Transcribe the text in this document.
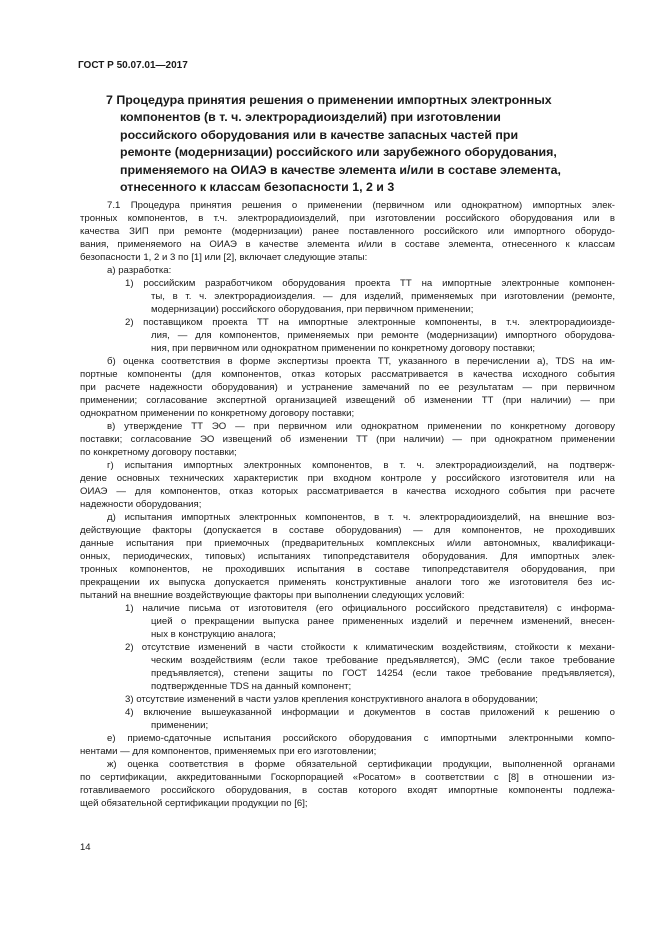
ГОСТ Р 50.07.01—2017
7 Процедура принятия решения о применении импортных электронных
компонентов (в т. ч. электрорадиоизделий) при изготовлении
российского оборудования или в качестве запасных частей при
ремонте (модернизации) российского или зарубежного оборудования,
применяемого на ОИАЭ в качестве элемента и/или в составе элемента,
отнесенного к классам безопасности 1, 2 и 3
7.1 Процедура принятия решения о применении (первичном или однократном) импортных элек-
тронных компонентов, в т.ч. электрорадиоизделий, при изготовлении российского оборудования или в
качества ЗИП при ремонте (модернизации) ранее поставленного российского или импортного оборудо-
вания, применяемого на ОИАЭ в качестве элемента и/или в составе элемента, отнесенного к классам
безопасности 1, 2 и 3 по [1] или [2], включает следующие этапы:
а) разработка:
1) российским разработчиком оборудования проекта ТТ на импортные электронные компонен-
ты, в т. ч. электрорадиоизделия. — для изделий, применяемых при изготовлении (ремонте,
модернизации) российского оборудования, при первичном применении;
2) поставщиком проекта ТТ на импортные электронные компоненты, в т.ч. электрорадиоизде-
лия, — для компонентов, применяемых при ремонте (модернизации) импортного оборудова-
ния, при первичном или однократном применении по конкретному договору поставки;
б) оценка соответствия в форме экспертизы проекта ТТ, указанного в перечислении а), TDS на им-
портные компоненты (для компонентов, отказ которых рассматривается в качества исходного события
при расчете надежности оборудования) и устранение замечаний по ее результатам — при первичном
применении; согласование экспертной организацией извещений об изменении ТТ (при наличии) — при
однократном применении по конкретному договору поставки;
в) утверждение ТТ ЭО — при первичном или однократном применении по конкретному договору
поставки; согласование ЭО извещений об изменении ТТ (при наличии) — при однократном применении
по конкретному договору поставки;
г) испытания импортных электронных компонентов, в т. ч. электрорадиоизделий, на подтверж-
дение основных технических характеристик при входном контроле у российского изготовителя или на
ОИАЭ — для компонентов, отказ которых рассматривается в качества исходного события при расчете
надежности оборудования;
д) испытания импортных электронных компонентов, в т. ч. электрорадиоизделий, на внешние воз-
действующие факторы (допускается в составе оборудования) — для компонентов, не проходивших
данные испытания при приемочных (предварительных комплексных и/или автономных, квалификаци-
онных, периодических, типовых) испытаниях типопредставителя оборудования. Для импортных элек-
тронных компонентов, не проходивших испытания в составе типопредставителя оборудования, при
прекращении их выпуска допускается применять конструктивные аналоги того же изготовителя без ис-
пытаний на внешние воздействующие факторы при выполнении следующих условий:
1) наличие письма от изготовителя (его официального российского представителя) с информа-
цией о прекращении выпуска ранее примененных изделий и перечнем изменений, внесен-
ных в конструкцию аналога;
2) отсутствие изменений в части стойкости к климатическим воздействиям, стойкости к механи-
ческим воздействиям (если такое требование предъявляется), ЭМС (если такое требование
предъявляется), степени защиты по ГОСТ 14254 (если такое требование предъявляется),
подтвержденные TDS на данный компонент;
3) отсутствие изменений в части узлов крепления конструктивного аналога в оборудовании;
4) включение вышеуказанной информации и документов в состав приложений к решению о
применении;
е) приемо-сдаточные испытания российского оборудования с импортными электронными компо-
нентами — для компонентов, применяемых при его изготовлении;
ж) оценка соответствия в форме обязательной сертификации продукции, выполненной органами
по сертификации, аккредитованными Госкорпорацией «Росатом» в соответствии с [8] в отношении из-
готавливаемого российского оборудования, в состав которого входят импортные компоненты подлежа-
щей обязательной сертификации продукции по [6];
14
